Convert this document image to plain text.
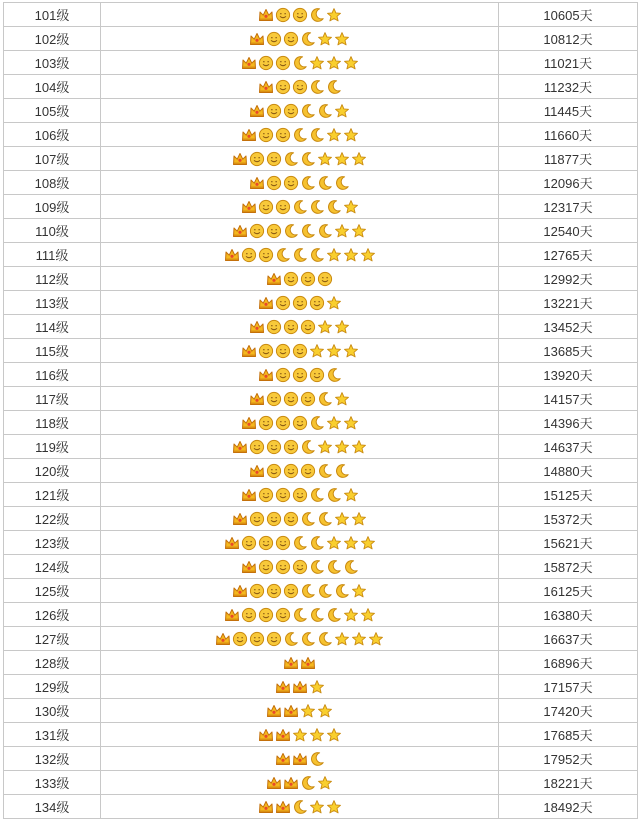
101级		10605天
102级		10812天
103级		11021天
104级		11232天
105级		11445天
106级		11660天
107级		11877天
108级		12096天
109级		12317天
110级		12540天
111级		12765天
112级		12992天
113级		13221天
114级		13452天
115级		13685天
116级		13920天
117级		14157天
118级		14396天
119级		14637天
120级		14880天
121级		15125天
122级		15372天
123级		15621天
124级		15872天
125级		16125天
126级		16380天
127级		16637天
128级		16896天
129级		17157天
130级		17420天
131级		17685天
132级		17952天
133级		18221天
134级		18492天
